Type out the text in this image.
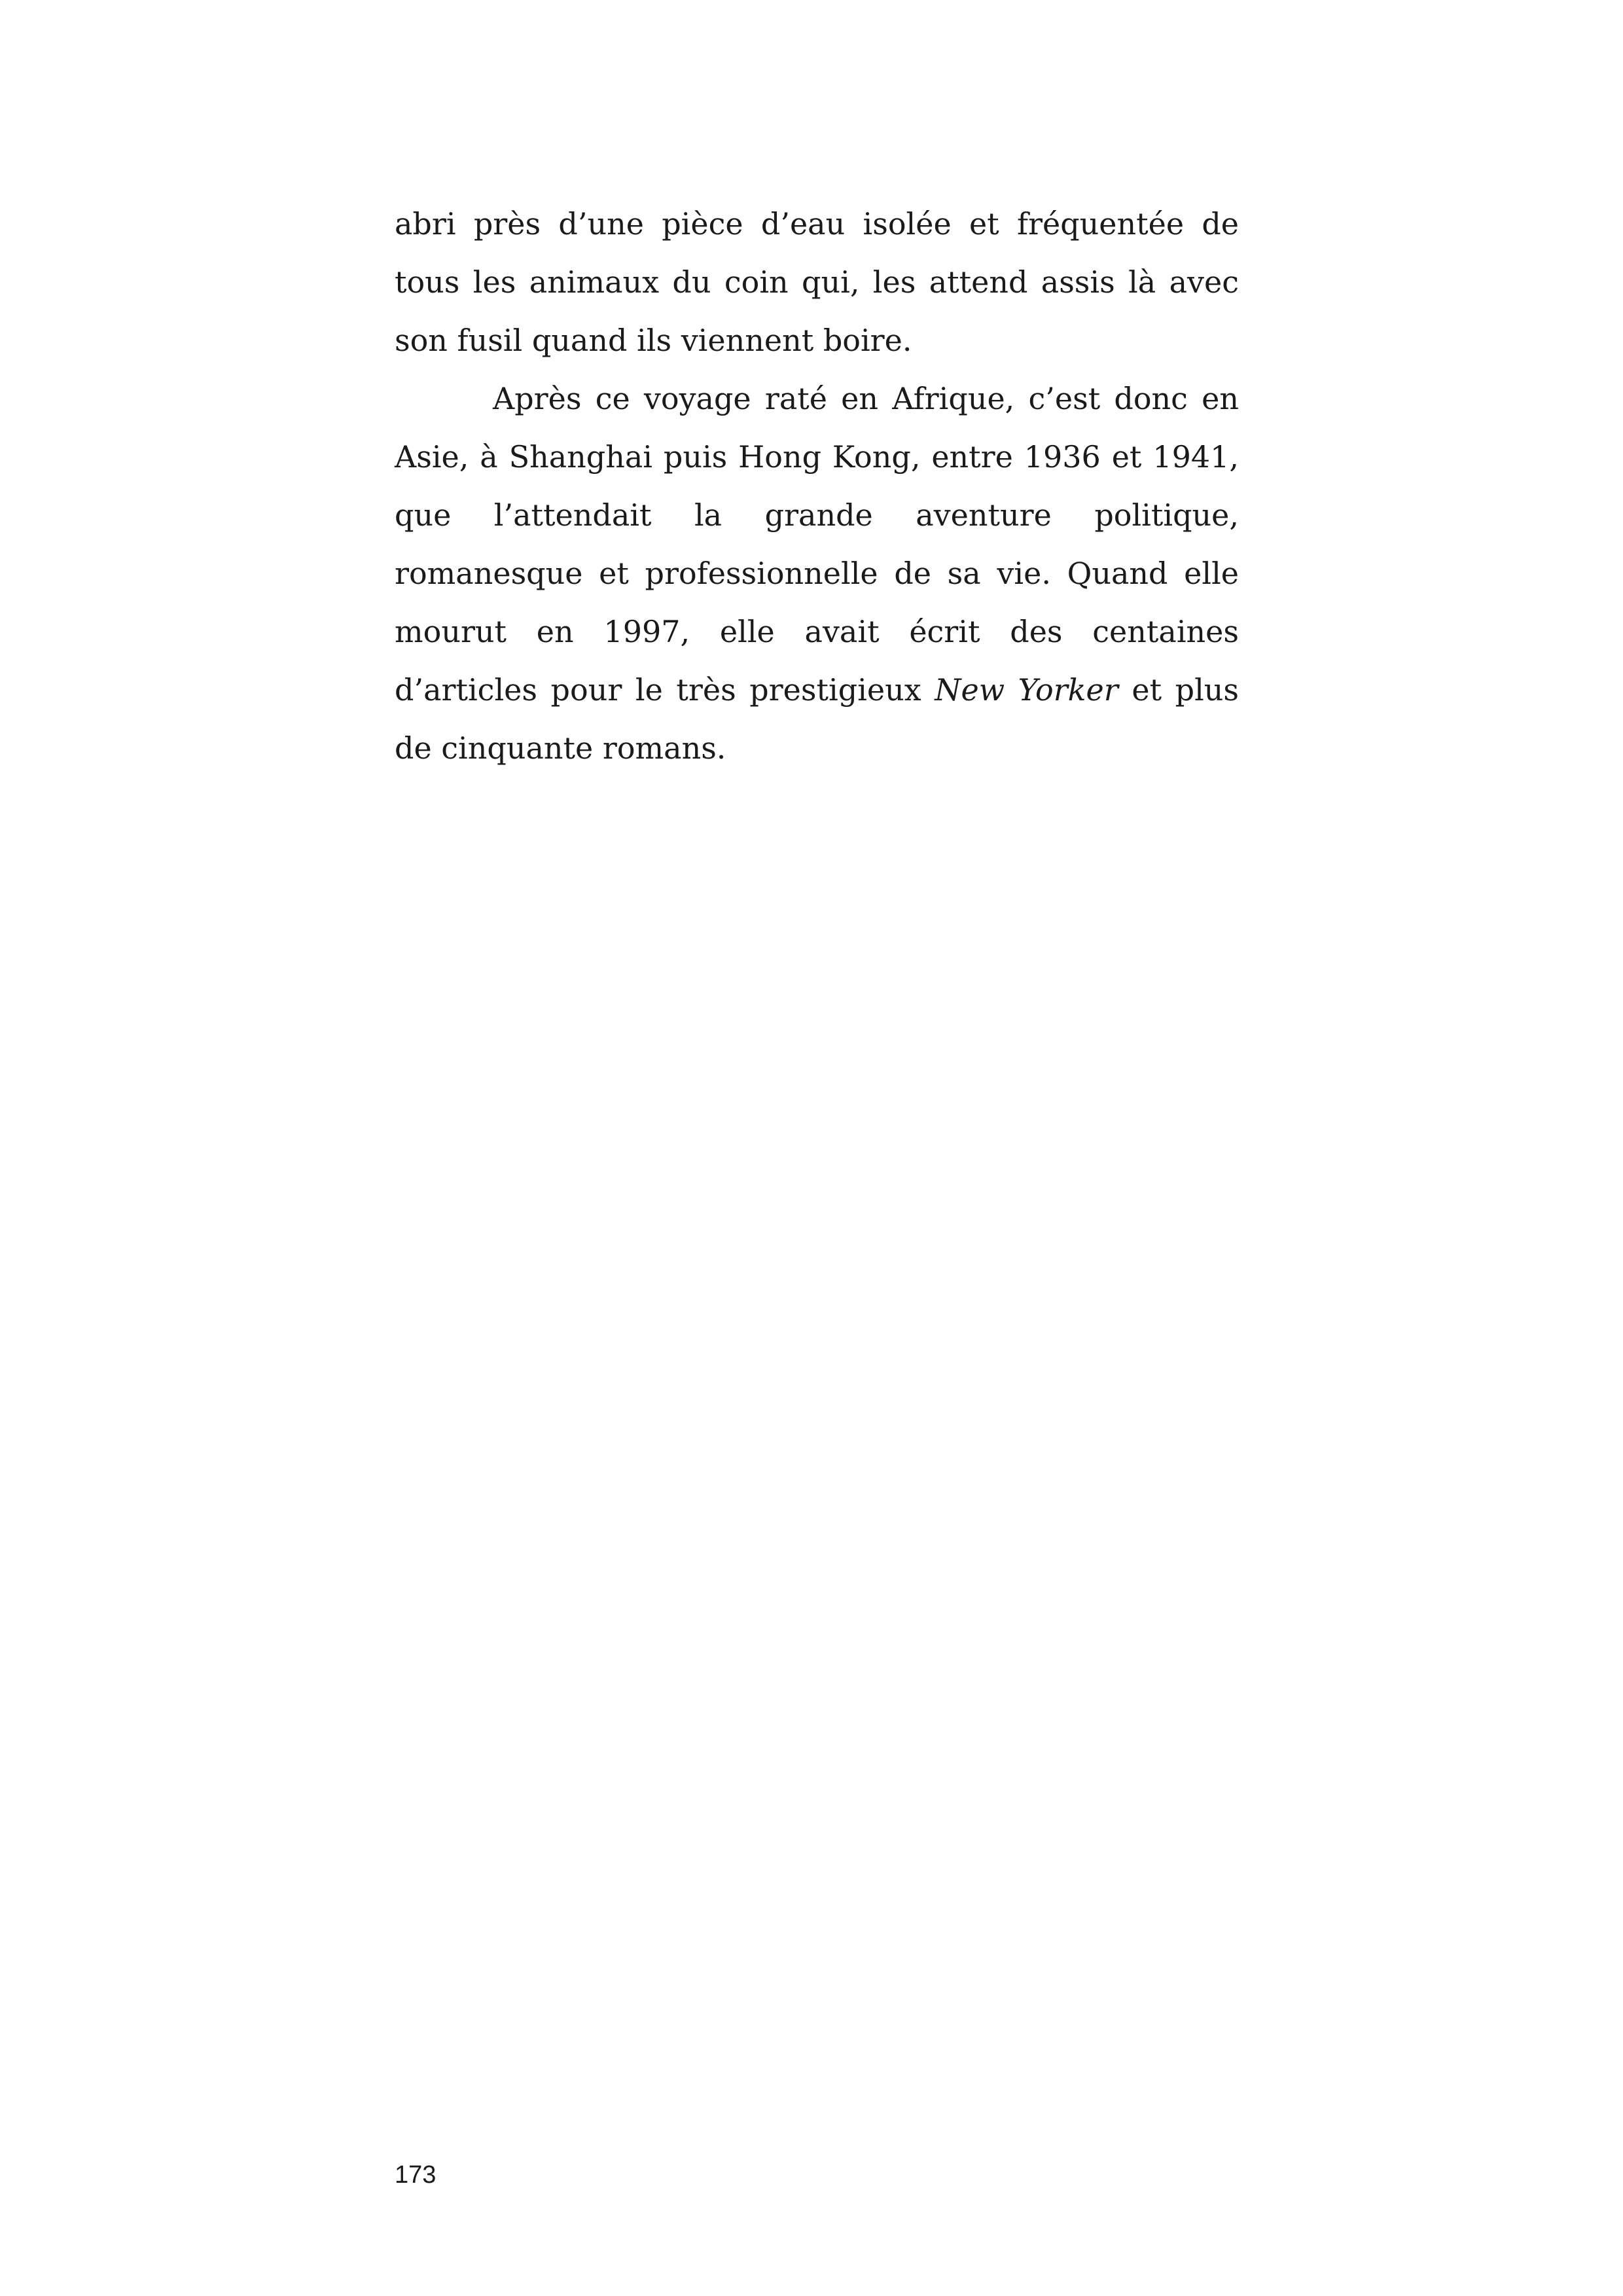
abri près d’une pièce d’eau isolée et fréquentée de tous les animaux du coin qui, les attend assis là avec son fusil quand ils viennent boire.

Après ce voyage raté en Afrique, c’est donc en Asie, à Shanghai puis Hong Kong, entre 1936 et 1941, que l’attendait la grande aventure politique, romanesque et professionnelle de sa vie. Quand elle mourut en 1997, elle avait écrit des centaines d’articles pour le très prestigieux New Yorker et plus de cinquante romans.

173
